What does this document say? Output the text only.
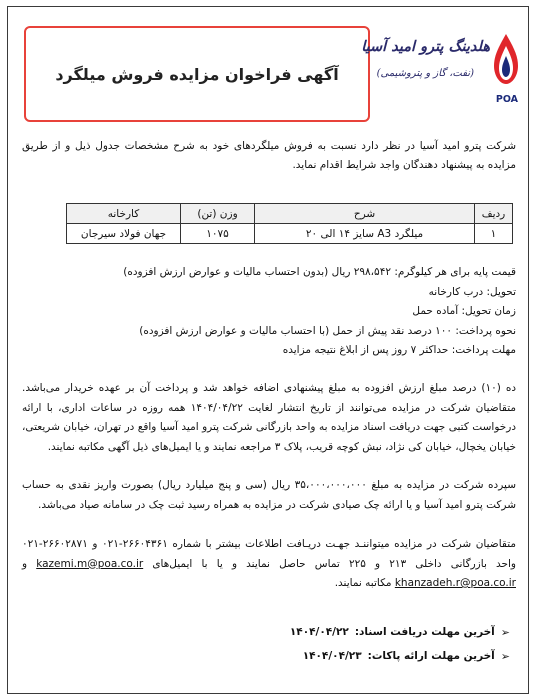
آگهی فراخوان مزایده فروش میلگرد
هلدینگ پترو امید آسیا
(نفت، گاز و پتروشیمی)
POA
شرکت پترو امید آسیا در نظر دارد نسبت به فروش میلگردهای خود به شرح مشخصات جدول ذیل و از طریق مزایده به پیشنهاد دهندگان واجد شرایط اقدام نماید.
ردیف	شرح	وزن (تن)	کارخانه
۱	میلگرد A3 سایز ۱۴ الی ۲۰	۱۰۷۵	جهان فولاد سیرجان

قیمت پایه برای هر کیلوگرم: ۲۹۸،۵۴۲ ریال (بدون احتساب مالیات و عوارض ارزش افزوده)

تحویل: درب کارخانه

زمان تحویل: آماده حمل

نحوه پرداخت: ۱۰۰ درصد نقد پیش از حمل (با احتساب مالیات و عوارض ارزش افزوده)

مهلت پرداخت: حداکثر ۷ روز پس از ابلاغ نتیجه مزایده

ده (۱۰) درصد مبلغ ارزش افزوده به مبلغ پیشنهادی اضافه خواهد شد و پرداخت آن بر عهده خریدار می‌باشد. متقاضیان شرکت در مزایده می‌توانند از تاریخ انتشار لغایت ۱۴۰۴/۰۴/۲۲ همه روزه در ساعات اداری، با ارائه درخواست کتبی جهت دریافت اسناد مزایده به واحد بازرگانی شرکت پترو امید آسیا واقع در تهران، خیابان شریعتی، خیابان یخچال، خیابان کی نژاد، نبش کوچه قریب، پلاک ۳ مراجعه نمایند و یا ایمیل‌های ذیل آگهی مکاتبه نمایند.
سپرده شرکت در مزایده به مبلغ ۳۵،۰۰۰،۰۰۰،۰۰۰ ریال (سی و پنج میلیارد ریال) بصورت واریز نقدی به حساب شرکت پترو امید آسیا و یا ارائه چک صیادی شرکت در مزایده به همراه رسید ثبت چک در سامانه صیاد می‌باشد.
متقاضیان شرکت در مزایده میتواننـد جهـت دریـافت اطلاعات بیشتر با شماره ۲۶۶۰۴۳۶۱-۰۲۱ و ۲۶۶۰۲۸۷۱-۰۲۱ واحد بازرگانی داخلی ۲۱۳ و ۲۲۵ تماس حاصل نمایند و یا با ایمیل‌های kazemi.m@poa.co.ir و khanzadeh.r@poa.co.ir مکاتبه نمایند.
➢
آخرین مهلت دریافت اسناد:
۱۴۰۴/۰۴/۲۲
➢
آخرین مهلت ارائه پاکات:
۱۴۰۴/۰۴/۲۳
